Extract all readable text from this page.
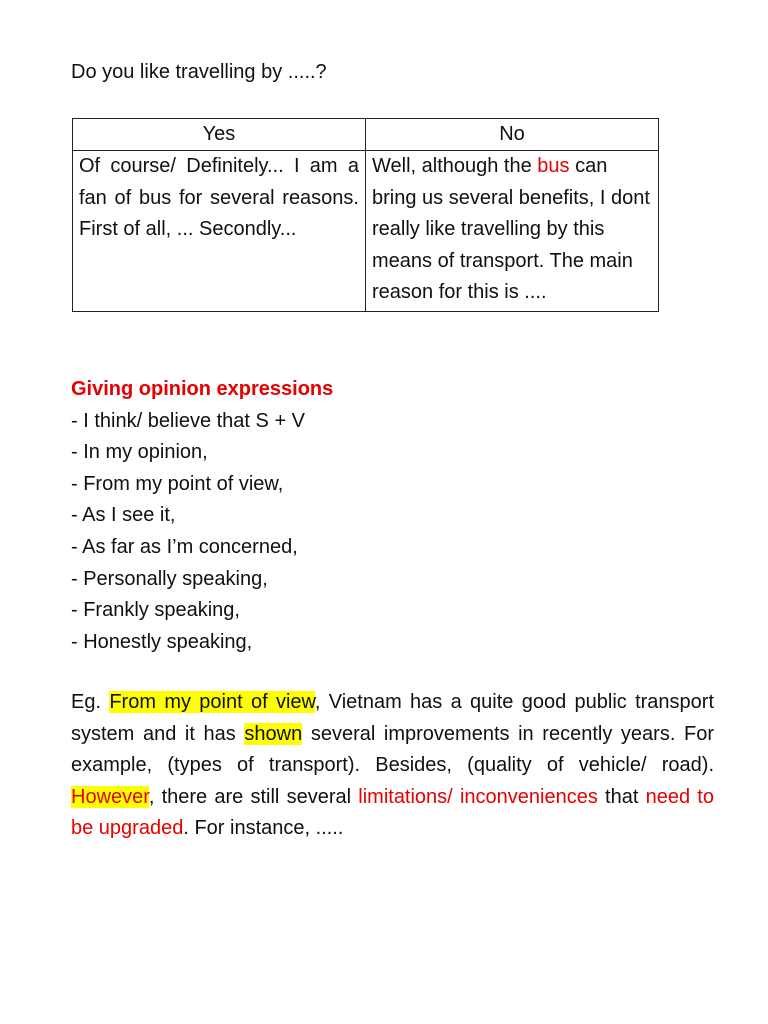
Do you like travelling by .....?
Yes	No
Of course/ Definitely... I am a fan of bus for several reasons. First of all, ... Secondly...	Well, although the bus can bring us several benefits, I dont really like travelling by this means of transport. The main reason for this is ....
Giving opinion expressions
- I think/ believe that S + V
- In my opinion,
- From my point of view,
- As I see it,
- As far as I’m concerned,
- Personally speaking,
- Frankly speaking,
- Honestly speaking,
Eg. From my point of view, Vietnam has a quite good public transport system and it has shown several improvements in recently years. For example, (types of transport). Besides, (quality of vehicle/ road). However, there are still several limitations/ inconveniences that need to be upgraded. For instance, .....
